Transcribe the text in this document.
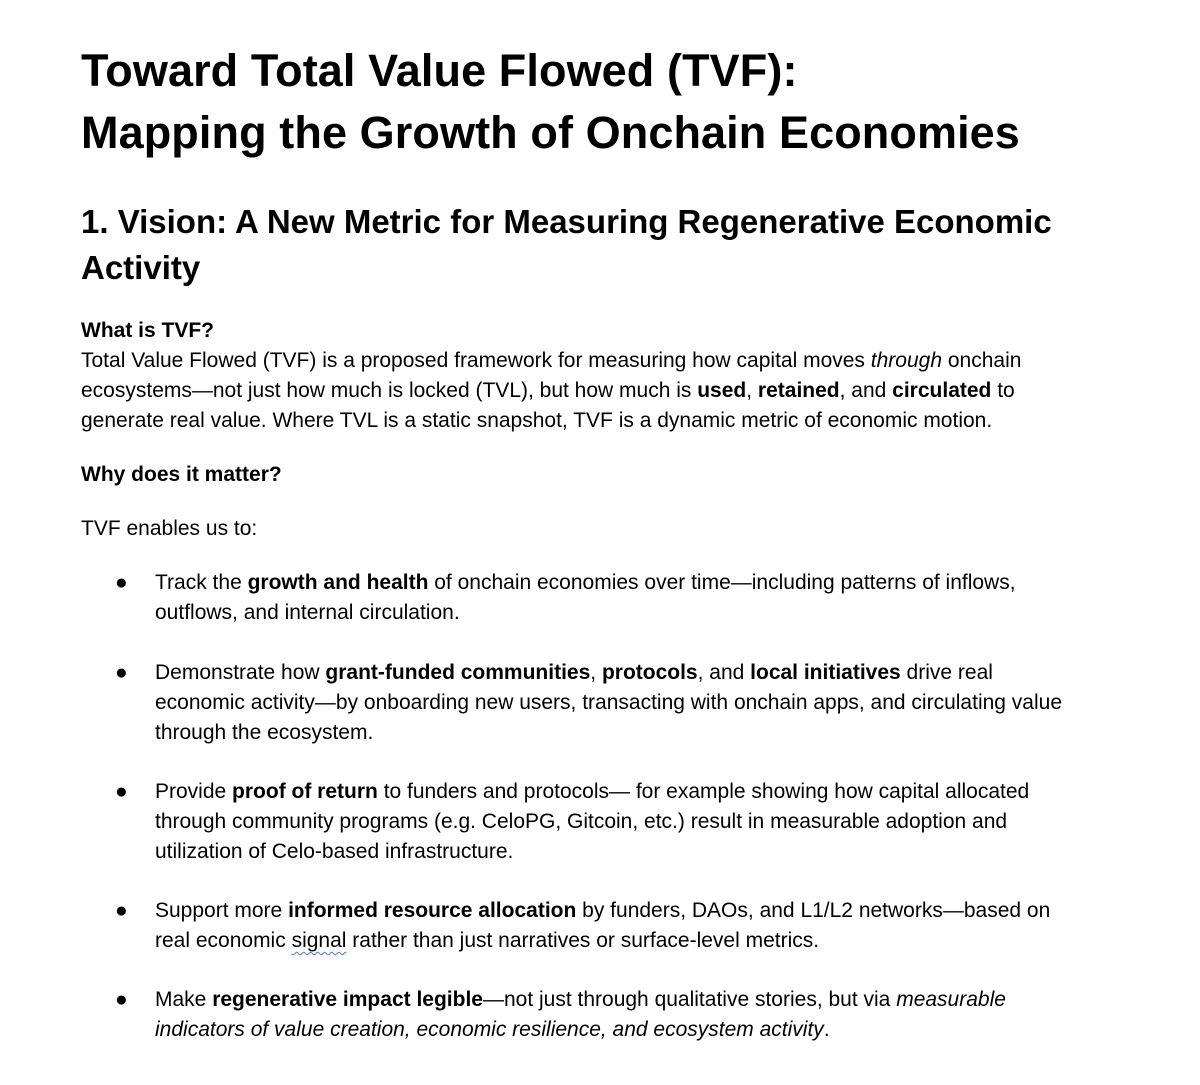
Toward Total Value Flowed (TVF):
Mapping the Growth of Onchain Economies
1. Vision: A New Metric for Measuring Regenerative Economic
Activity
What is TVF?
Total Value Flowed (TVF) is a proposed framework for measuring how capital moves through onchain
ecosystems—not just how much is locked (TVL), but how much is used, retained, and circulated to
generate real value. Where TVL is a static snapshot, TVF is a dynamic metric of economic motion.
Why does it matter?
TVF enables us to:
● Track the growth and health of onchain economies over time—including patterns of inflows,
outflows, and internal circulation.
● Demonstrate how grant-funded communities, protocols, and local initiatives drive real
economic activity—by onboarding new users, transacting with onchain apps, and circulating value
through the ecosystem.
● Provide proof of return to funders and protocols— for example showing how capital allocated
through community programs (e.g. CeloPG, Gitcoin, etc.) result in measurable adoption and
utilization of Celo-based infrastructure.
● Support more informed resource allocation by funders, DAOs, and L1/L2 networks—based on
real economic signal rather than just narratives or surface-level metrics.
● Make regenerative impact legible—not just through qualitative stories, but via measurable
indicators of value creation, economic resilience, and ecosystem activity.
